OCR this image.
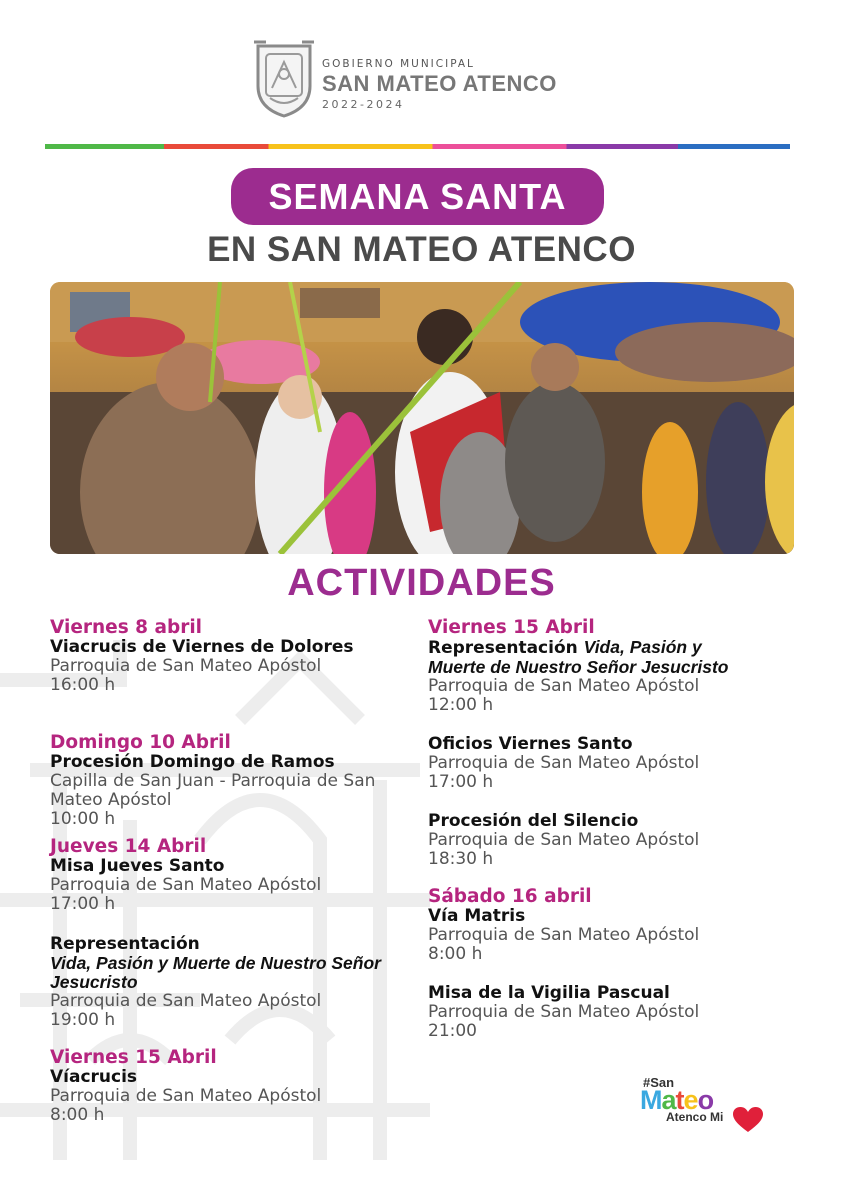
GOBIERNO MUNICIPAL
SAN MATEO ATENCO
2022-2024
SEMANA SANTA
EN SAN MATEO ATENCO
ACTIVIDADES
Viernes 8 abril
Viacrucis de Viernes de Dolores
Parroquia de San Mateo Apóstol
16:00 h
Domingo 10 Abril
Procesión Domingo de Ramos
Capilla de San Juan - Parroquia de San Mateo Apóstol
10:00 h
Jueves 14 Abril
Misa Jueves Santo
Parroquia de San Mateo Apóstol
17:00 h
Representación
Vida, Pasión y Muerte de Nuestro Señor Jesucristo
Parroquia de San Mateo Apóstol
19:00 h
Viernes 15 Abril
Víacrucis
Parroquia de San Mateo Apóstol
8:00 h
Viernes 15 Abril
Representación Vida, Pasión y
Muerte de Nuestro Señor Jesucristo
Parroquia de San Mateo Apóstol
12:00 h
Oficios Viernes Santo
Parroquia de San Mateo Apóstol
17:00 h
Procesión del Silencio
Parroquia de San Mateo Apóstol
18:30 h
Sábado 16 abril
Vía Matris
Parroquia de San Mateo Apóstol
8:00 h
Misa de la Vigilia Pascual
Parroquia de San Mateo Apóstol
21:00
#San
Mateo
Atenco Mi
